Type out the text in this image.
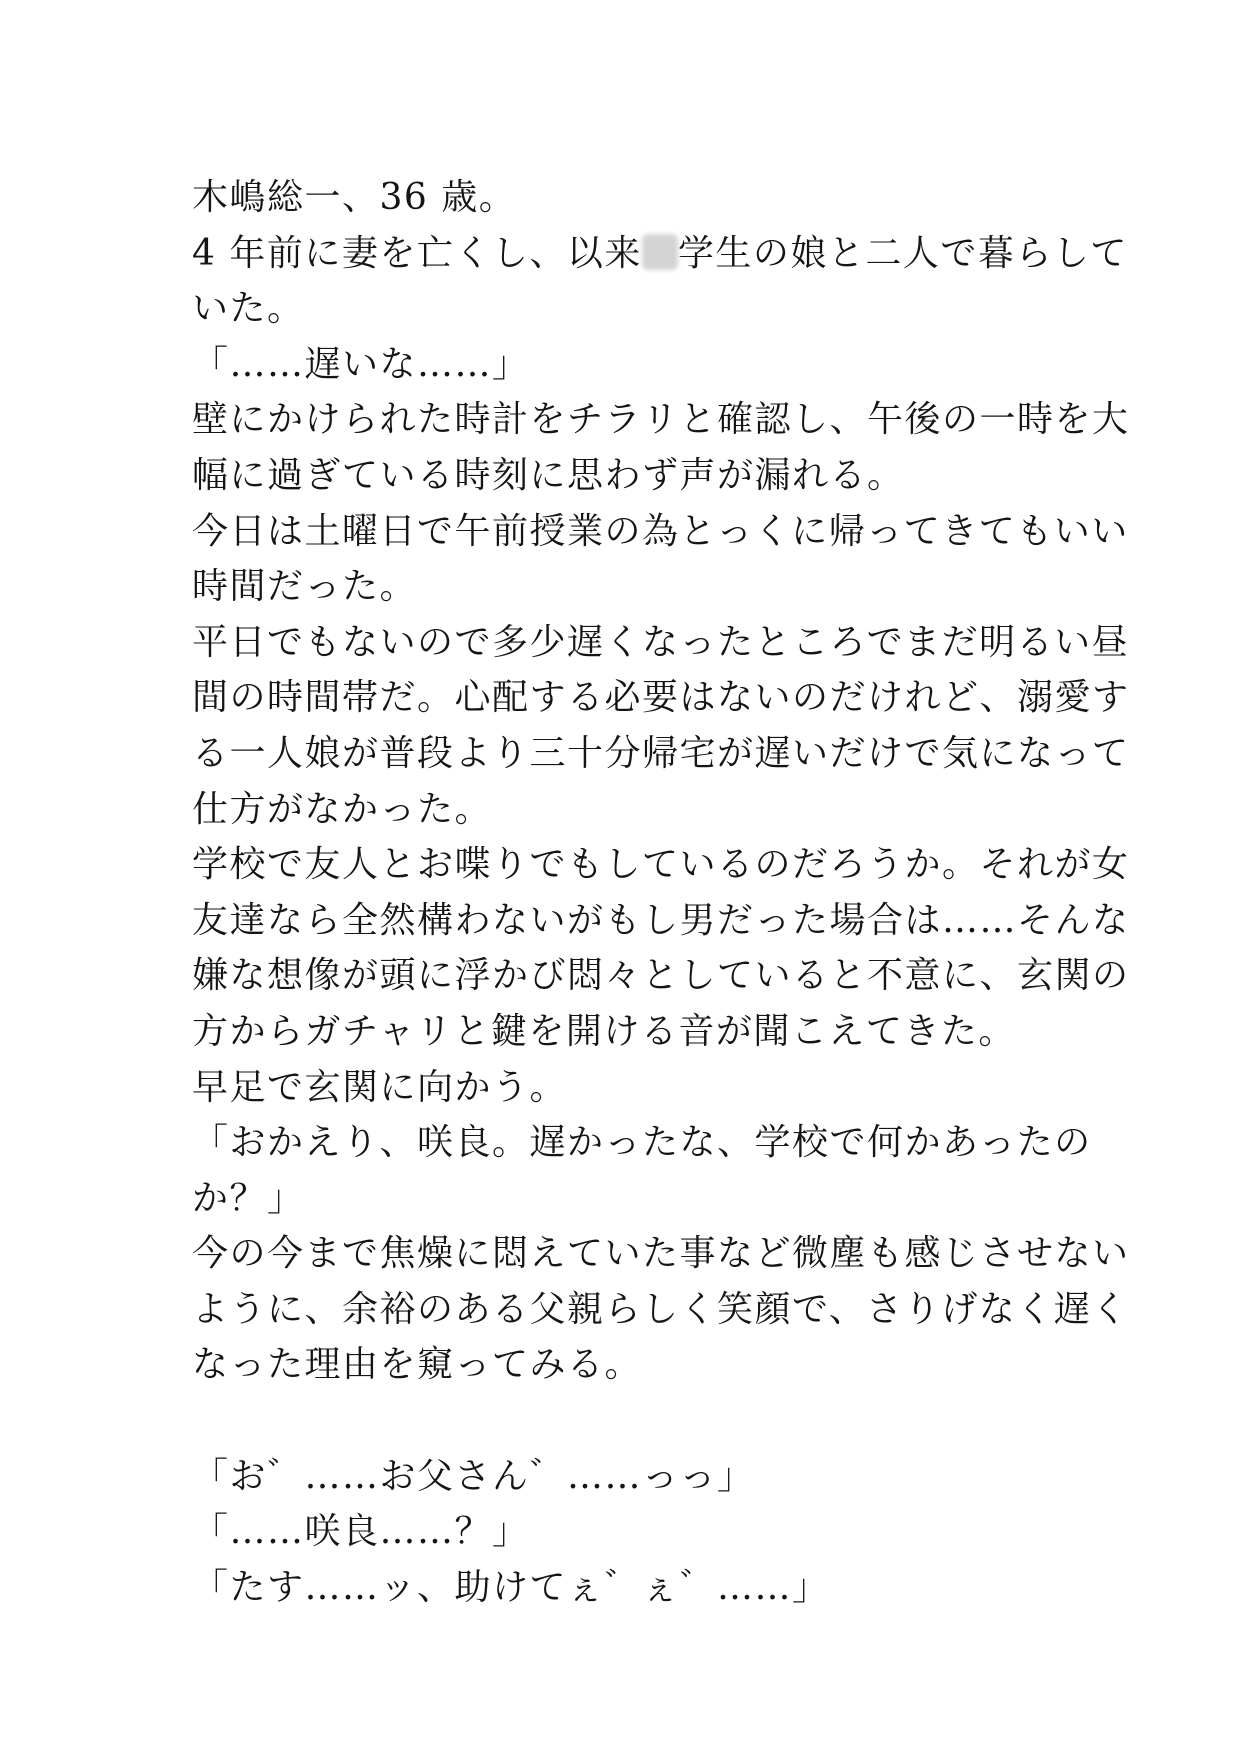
木嶋総一、36 歳。
4 年前に妻を亡くし、以来 学生の娘と二人で暮らして
いた。
「……遅いな……」
壁にかけられた時計をチラリと確認し、午後の一時を大
幅に過ぎている時刻に思わず声が漏れる。
今日は土曜日で午前授業の為とっくに帰ってきてもいい
時間だった。
平日でもないので多少遅くなったところでまだ明るい昼
間の時間帯だ。心配する必要はないのだけれど、溺愛す
る一人娘が普段より三十分帰宅が遅いだけで気になって
仕方がなかった。
学校で友人とお喋りでもしているのだろうか。それが女
友達なら全然構わないがもし男だった場合は……そんな
嫌な想像が頭に浮かび悶々としていると不意に、玄関の
方からガチャリと鍵を開ける音が聞こえてきた。
早足で玄関に向かう。
「おかえり、咲良。遅かったな、学校で何かあったの
か？」
今の今まで焦燥に悶えていた事など微塵も感じさせない
ように、余裕のある父親らしく笑顔で、さりげなく遅く
なった理由を窺ってみる。
「お゛……お父さん゛……っっ」
「……咲良……？」
「たす……ッ、助けてぇ゛ぇ゛……」
